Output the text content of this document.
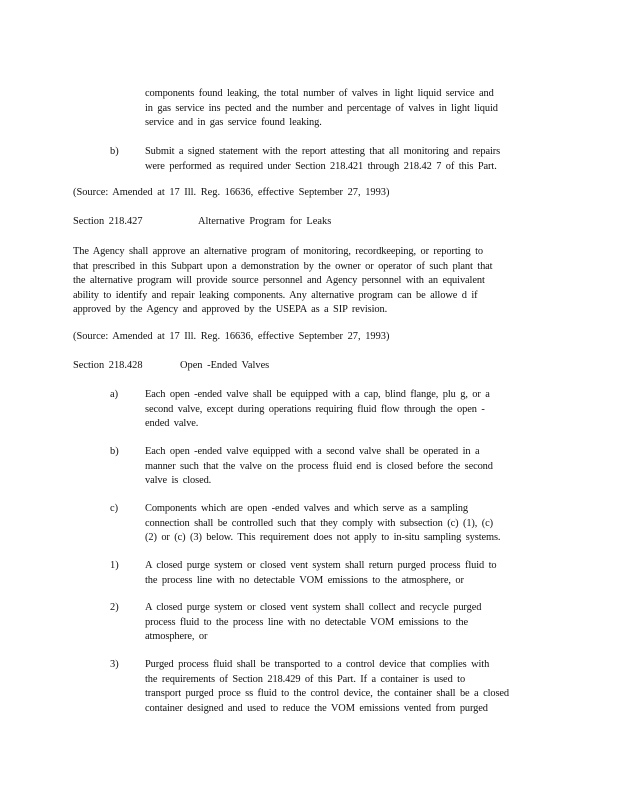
components found leaking, the total number of valves in light liquid service and
in gas service ins pected and the number and percentage of valves in light liquid
service and in gas service found leaking.
b)	Submit a signed statement with the report attesting that all monitoring and repairs
were performed as required under Section 218.421 through 218.42 7 of this Part.
(Source: Amended at 17 Ill. Reg. 16636, effective September 27, 1993)
Section 218.427	Alternative Program for Leaks
The Agency shall approve an alternative program of monitoring, recordkeeping, or reporting to
that prescribed in this Subpart upon a demonstration by the owner or operator of such plant that
the alternative program will provide source personnel and Agency personnel with an equivalent
ability to identify and repair leaking components. Any alternative program can be allowe d if
approved by the Agency and approved by the USEPA as a SIP revision.
(Source: Amended at 17 Ill. Reg. 16636, effective September 27, 1993)
Section 218.428	Open -Ended Valves
a)	Each open -ended valve shall be equipped with a cap, blind flange, plu g, or a
second valve, except during operations requiring fluid flow through the open -
ended valve.
b)	Each open -ended valve equipped with a second valve shall be operated in a
manner such that the valve on the process fluid end is closed before the second
valve is closed.
c)	Components which are open -ended valves and which serve as a sampling
connection shall be controlled such that they comply with subsection (c) (1), (c)
(2) or (c) (3) below. This requirement does not apply to in-situ sampling systems.
1)	A closed purge system or closed vent system shall return purged process fluid to
the process line with no detectable VOM emissions to the atmosphere, or
2)	A closed purge system or closed vent system shall collect and recycle purged
process fluid to the process line with no detectable VOM emissions to the
atmosphere, or
3)	Purged process fluid shall be transported to a control device that complies with
the requirements of Section 218.429 of this Part. If a container is used to
transport purged proce ss fluid to the control device, the container shall be a closed
container designed and used to reduce the VOM emissions vented from purged
